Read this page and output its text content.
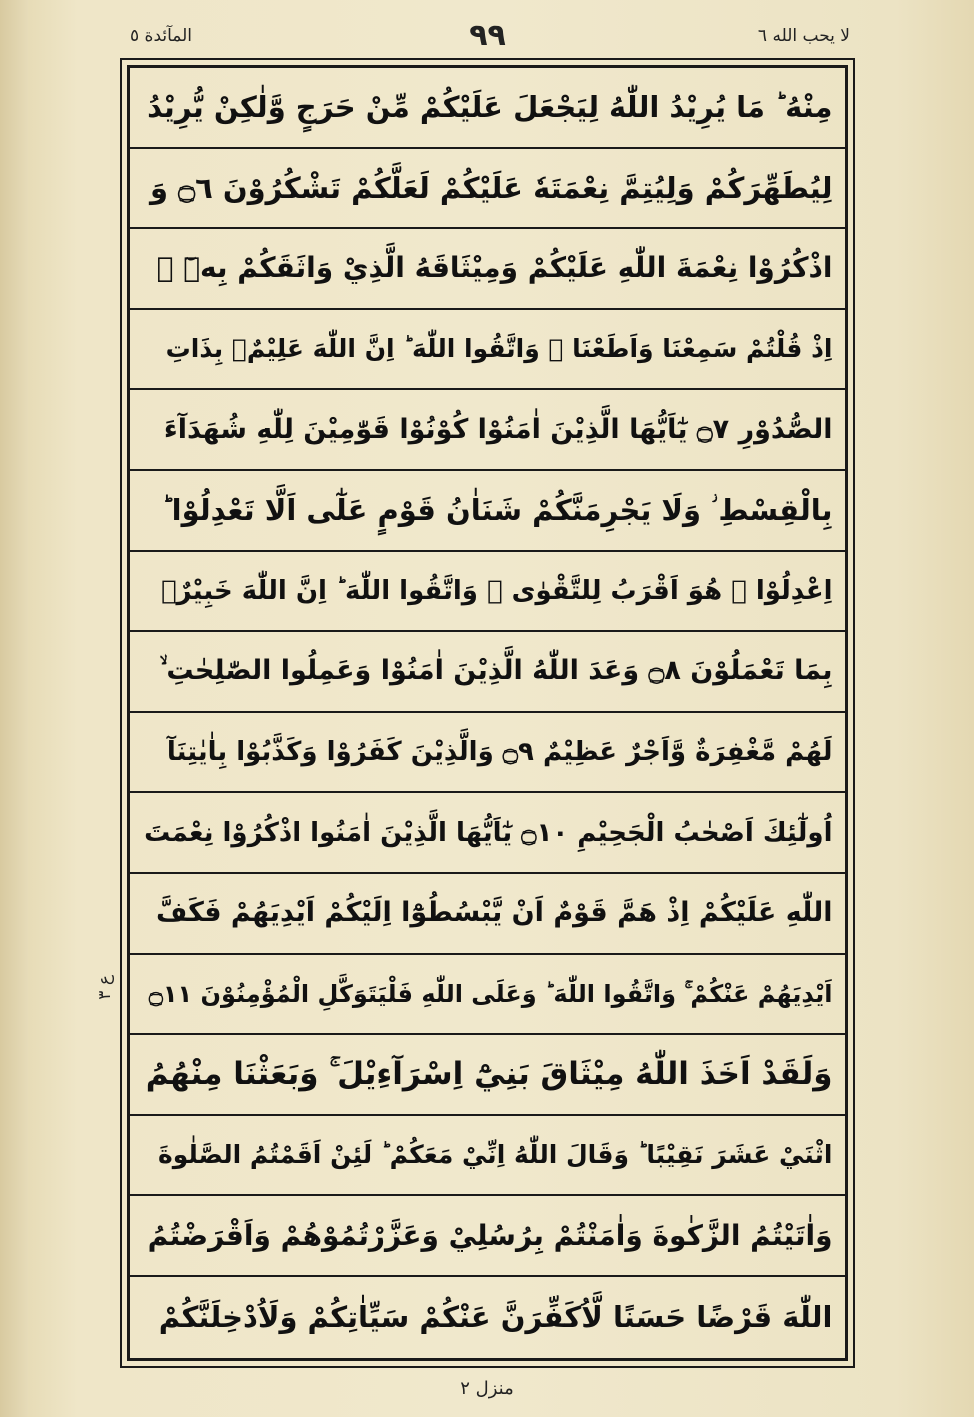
المآئدة ٥	٩٩	لا يحب الله ٦
مِنْهُ ؕ مَا يُرِيْدُ اللّٰهُ لِيَجْعَلَ عَلَيْكُمْ مِّنْ حَرَجٍ وَّلٰكِنْ يُّرِيْدُ
لِيُطَهِّرَكُمْ وَلِيُتِمَّ نِعْمَتَهٗ عَلَيْكُمْ لَعَلَّكُمْ تَشْكُرُوْنَ ۝٦ وَ
اذْكُرُوْا نِعْمَةَ اللّٰهِ عَلَيْكُمْ وَمِيْثَاقَهُ الَّذِيْ وَاثَقَكُمْ بِهٖٓ ۙ
اِذْ قُلْتُمْ سَمِعْنَا وَاَطَعْنَا ؗ وَاتَّقُوا اللّٰهَ ؕ اِنَّ اللّٰهَ عَلِيْمٌۢ بِذَاتِ
الصُّدُوْرِ ۝٧ يٰٓاَيُّهَا الَّذِيْنَ اٰمَنُوْا كُوْنُوْا قَوّٰمِيْنَ لِلّٰهِ شُهَدَآءَ
بِالْقِسْطِ ؗ وَلَا يَجْرِمَنَّكُمْ شَنَاٰنُ قَوْمٍ عَلٰٓى اَلَّا تَعْدِلُوْا ؕ
اِعْدِلُوْا ۟ هُوَ اَقْرَبُ لِلتَّقْوٰى ؗ وَاتَّقُوا اللّٰهَ ؕ اِنَّ اللّٰهَ خَبِيْرٌۢ
بِمَا تَعْمَلُوْنَ ۝٨ وَعَدَ اللّٰهُ الَّذِيْنَ اٰمَنُوْا وَعَمِلُوا الصّٰلِحٰتِ ۙ
لَهُمْ مَّغْفِرَةٌ وَّاَجْرٌ عَظِيْمٌ ۝٩ وَالَّذِيْنَ كَفَرُوْا وَكَذَّبُوْا بِاٰيٰتِنَآ
اُولٰٓئِكَ اَصْحٰبُ الْجَحِيْمِ ۝١٠ يٰٓاَيُّهَا الَّذِيْنَ اٰمَنُوا اذْكُرُوْا نِعْمَتَ
اللّٰهِ عَلَيْكُمْ اِذْ هَمَّ قَوْمٌ اَنْ يَّبْسُطُوْٓا اِلَيْكُمْ اَيْدِيَهُمْ فَكَفَّ
اَيْدِيَهُمْ عَنْكُمْ ۚ وَاتَّقُوا اللّٰهَ ؕ وَعَلَى اللّٰهِ فَلْيَتَوَكَّلِ الْمُؤْمِنُوْنَ ۝١١
وَلَقَدْ اَخَذَ اللّٰهُ مِيْثَاقَ بَنِيْٓ اِسْرَآءِيْلَ ۚ وَبَعَثْنَا مِنْهُمُ
اثْنَيْ عَشَرَ نَقِيْبًا ؕ وَقَالَ اللّٰهُ اِنِّيْ مَعَكُمْ ؕ لَئِنْ اَقَمْتُمُ الصَّلٰوةَ
وَاٰتَيْتُمُ الزَّكٰوةَ وَاٰمَنْتُمْ بِرُسُلِيْ وَعَزَّرْتُمُوْهُمْ وَاَقْرَضْتُمُ
اللّٰهَ قَرْضًا حَسَنًا لَّاُكَفِّرَنَّ عَنْكُمْ سَيِّاٰتِكُمْ وَلَاُدْخِلَنَّكُمْ
ع ٣
منزل ٢
